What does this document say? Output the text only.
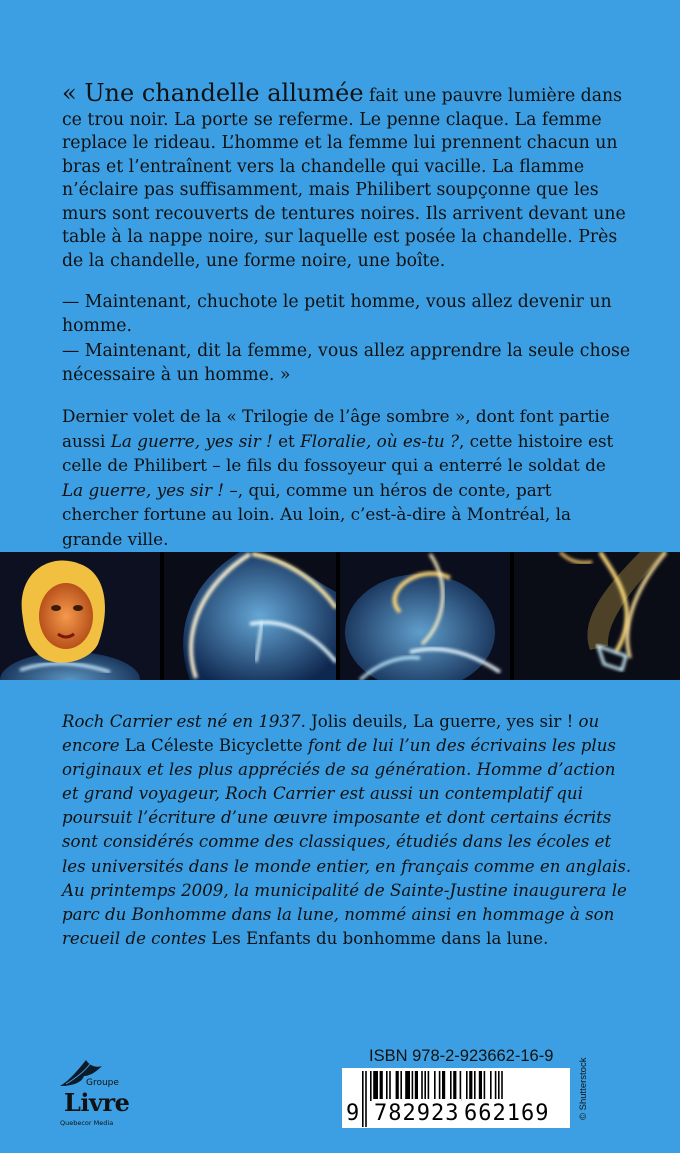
« Une chandelle allumée fait une pauvre lumière dans ce trou noir. La porte se referme. Le penne claque. La femme replace le rideau. L’homme et la femme lui prennent chacun un bras et l’entraînent vers la chandelle qui vacille. La flamme n’éclaire pas suffisamment, mais Philibert soupçonne que les murs sont recouverts de tentures noires. Ils arrivent devant une table à la nappe noire, sur laquelle est posée la chandelle. Près de la chandelle, une forme noire, une boîte.

— Maintenant, chuchote le petit homme, vous allez devenir un homme.

— Maintenant, dit la femme, vous allez apprendre la seule chose nécessaire à un homme. »

Dernier volet de la « Trilogie de l’âge sombre », dont font partie aussi La guerre, yes sir ! et Floralie, où es-tu ?, cette histoire est celle de Philibert – le fils du fossoyeur qui a enterré le soldat de La guerre, yes sir ! –, qui, comme un héros de conte, part chercher fortune au loin. Au loin, c’est-à-dire à Montréal, la grande ville.

Roch Carrier est né en 1937. Jolis deuils, La guerre, yes sir ! ou encore La Céleste Bicyclette font de lui l’un des écrivains les plus originaux et les plus appréciés de sa génération. Homme d’action et grand voyageur, Roch Carrier est aussi un contemplatif qui poursuit l’écriture d’une œuvre imposante et dont certains écrits sont considérés comme des classiques, étudiés dans les écoles et les universités dans le monde entier, en français comme en anglais. Au printemps 2009, la municipalité de Sainte-Justine inaugurera le parc du Bonhomme dans la lune, nommé ainsi en hommage à son recueil de contes Les Enfants du bonhomme dans la lune.

Groupe
Livre
Quebecor Media
ISBN 978-2-923662-16-9
9 782923 662169	© Shutterstock
